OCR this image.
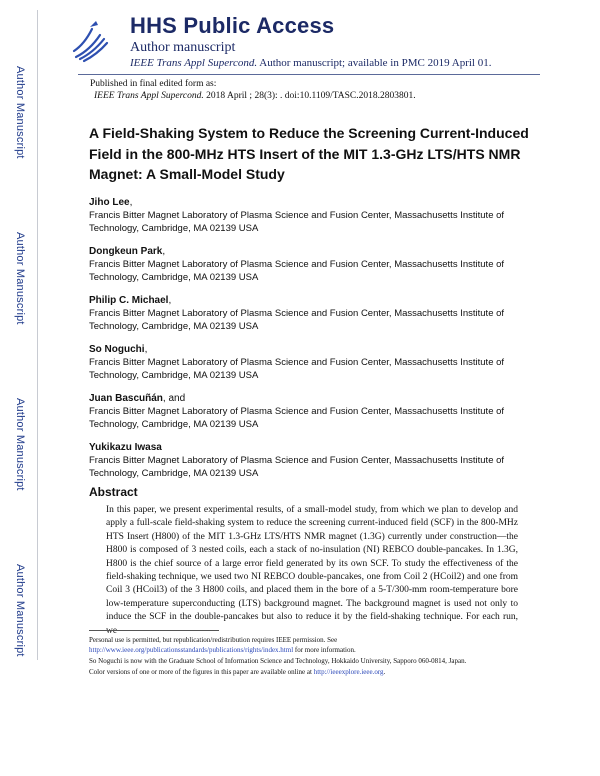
Author Manuscript
Author Manuscript
Author Manuscript
Author Manuscript
HHS Public Access
Author manuscript
IEEE Trans Appl Supercond. Author manuscript; available in PMC 2019 April 01.
Published in final edited form as:
IEEE Trans Appl Supercond. 2018 April ; 28(3): . doi:10.1109/TASC.2018.2803801.
A Field-Shaking System to Reduce the Screening Current-Induced Field in the 800-MHz HTS Insert of the MIT 1.3-GHz LTS/HTS NMR Magnet: A Small-Model Study
Jiho Lee,
Francis Bitter Magnet Laboratory of Plasma Science and Fusion Center, Massachusetts Institute of Technology, Cambridge, MA 02139 USA
Dongkeun Park,
Francis Bitter Magnet Laboratory of Plasma Science and Fusion Center, Massachusetts Institute of Technology, Cambridge, MA 02139 USA
Philip C. Michael,
Francis Bitter Magnet Laboratory of Plasma Science and Fusion Center, Massachusetts Institute of Technology, Cambridge, MA 02139 USA
So Noguchi,
Francis Bitter Magnet Laboratory of Plasma Science and Fusion Center, Massachusetts Institute of Technology, Cambridge, MA 02139 USA
Juan Bascuñán, and
Francis Bitter Magnet Laboratory of Plasma Science and Fusion Center, Massachusetts Institute of Technology, Cambridge, MA 02139 USA
Yukikazu Iwasa
Francis Bitter Magnet Laboratory of Plasma Science and Fusion Center, Massachusetts Institute of Technology, Cambridge, MA 02139 USA
Abstract
In this paper, we present experimental results, of a small-model study, from which we plan to develop and apply a full-scale field-shaking system to reduce the screening current-induced field (SCF) in the 800-MHz HTS Insert (H800) of the MIT 1.3-GHz LTS/HTS NMR magnet (1.3G) currently under construction—the H800 is composed of 3 nested coils, each a stack of no-insulation (NI) REBCO double-pancakes. In 1.3G, H800 is the chief source of a large error field generated by its own SCF. To study the effectiveness of the field-shaking technique, we used two NI REBCO double-pancakes, one from Coil 2 (HCoil2) and one from Coil 3 (HCoil3) of the 3 H800 coils, and placed them in the bore of a 5-T/300-mm room-temperature bore low-temperature superconducting (LTS) background magnet. The background magnet is used not only to induce the SCF in the double-pancakes but also to reduce it by the field-shaking technique. For each run,

Personal use is permitted, but republication/redistribution requires IEEE permission. See http://www.ieee.org/publicationsstandards/publications/rights/index.html for more information.

So Noguchi is now with the Graduate School of Information Science and Technology, Hokkaido University, Sapporo 060-0814, Japan.

Color versions of one or more of the figures in this paper are available online at http://ieeexplore.ieee.org.
